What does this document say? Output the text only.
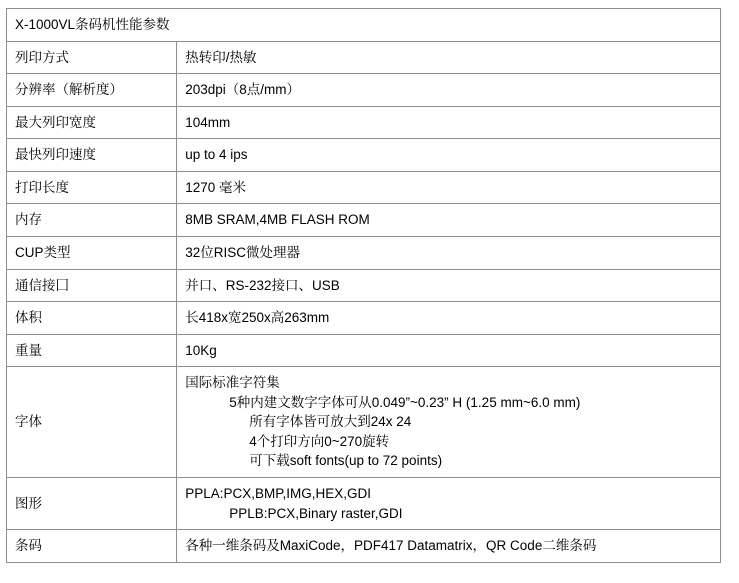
X-1000VL条码机性能参数	
列印方式	热转印/热敏
分辨率（解析度）	203dpi（8点/mm）
最大列印宽度	104mm
最快列印速度	up to 4 ips
打印长度	1270 毫米
内存	8MB SRAM,4MB FLASH ROM
CUP类型	32位RISC微处理器
通信接囗	并口、RS-232接口、USB
体积	长418x宽250x高263mm
重量	10Kg
字体	国际标准字符集
5种内建文数字字体可从0.049”~0.23” H (1.25 mm~6.0 mm)
所有字体皆可放大到24x 24
4个打印方向0~270旋转
可下载soft fonts(up to 72 points)

图形	PPLA:PCX,BMP,IMG,HEX,GDI
PPLB:PCX,Binary raster,GDI

条码	各种一维条码及MaxiCode，PDF417 Datamatrix，QR Code二维条码
